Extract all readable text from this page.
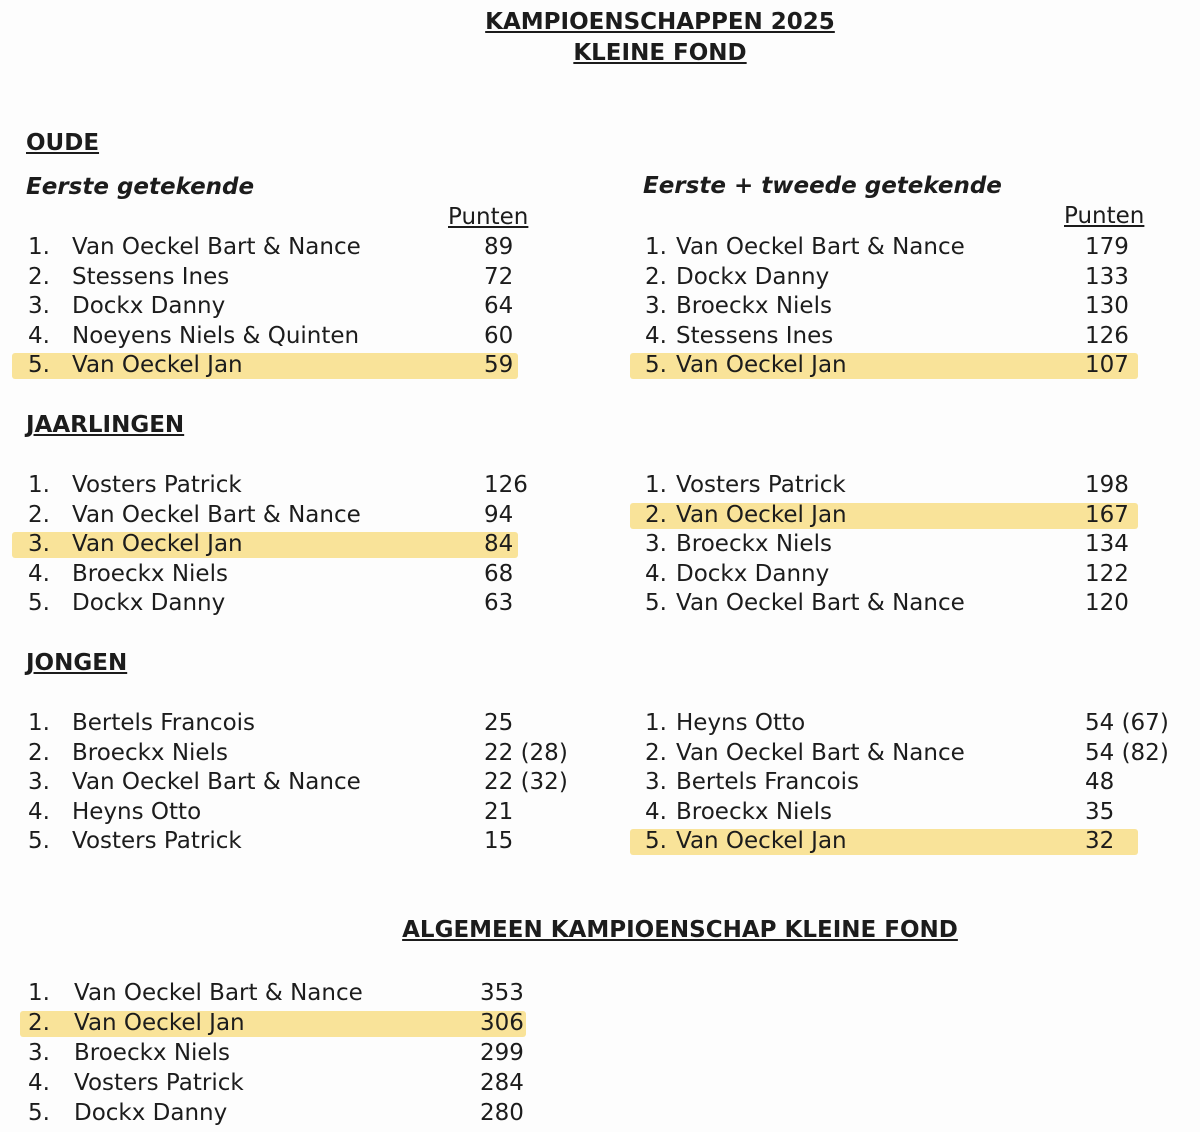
KAMPIOENSCHAPPEN 2025
KLEINE FOND
Eerste getekende	Eerste + tweede getekende
Punten	Punten
OUDE
JAARLINGEN
JONGEN
ALGEMEEN KAMPIOENSCHAP KLEINE FOND
1. Van Oeckel Bart & Nance	89
2. Stessens Ines	72
3. Dockx Danny	64
4. Noeyens Niels & Quinten	60
5. Van Oeckel Jan	59
1. Van Oeckel Bart & Nance	179
2. Dockx Danny	133
3. Broeckx Niels	130
4. Stessens Ines	126
5. Van Oeckel Jan	107
1. Vosters Patrick	126
2. Van Oeckel Bart & Nance	94
3. Van Oeckel Jan	84
4. Broeckx Niels	68
5. Dockx Danny	63
1. Vosters Patrick	198
2. Van Oeckel Jan	167
3. Broeckx Niels	134
4. Dockx Danny	122
5. Van Oeckel Bart & Nance	120
1. Bertels Francois	25
2. Broeckx Niels	22 (28)
3. Van Oeckel Bart & Nance	22 (32)
4. Heyns Otto	21
5. Vosters Patrick	15
1. Heyns Otto	54 (67)
2. Van Oeckel Bart & Nance	54 (82)
3. Bertels Francois	48
4. Broeckx Niels	35
5. Van Oeckel Jan	32
1. Van Oeckel Bart & Nance	353
2. Van Oeckel Jan	306
3. Broeckx Niels	299
4. Vosters Patrick	284
5. Dockx Danny	280
